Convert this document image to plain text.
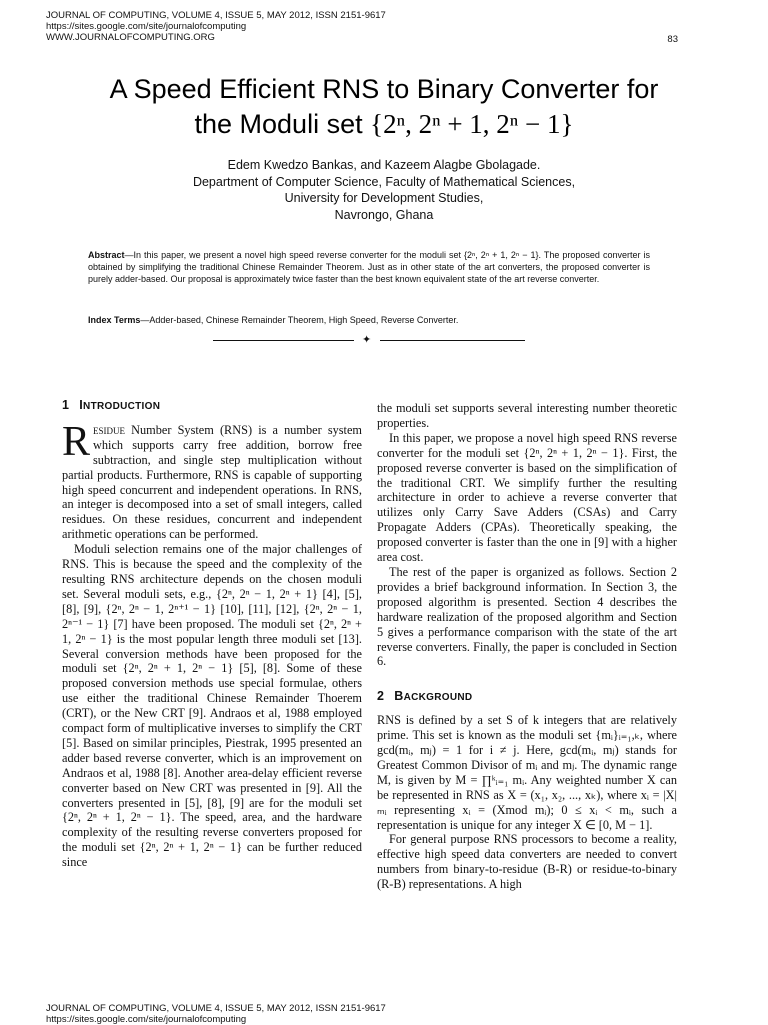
JOURNAL OF COMPUTING, VOLUME 4, ISSUE 5, MAY 2012, ISSN 2151-9617
https://sites.google.com/site/journalofcomputing
WWW.JOURNALOFCOMPUTING.ORG	83
A Speed Efficient RNS to Binary Converter for
the Moduli set {2ⁿ, 2ⁿ + 1, 2ⁿ − 1}
Edem Kwedzo Bankas, and Kazeem Alagbe Gbolagade.
Department of Computer Science, Faculty of Mathematical Sciences,
University for Development Studies,
Navrongo, Ghana
Abstract—In this paper, we present a novel high speed reverse converter for the moduli set {2ⁿ, 2ⁿ + 1, 2ⁿ − 1}. The proposed converter is obtained by simplifying the traditional Chinese Remainder Theorem. Just as in other state of the art converters, the proposed converter is purely adder-based. Our proposal is approximately twice faster than the best known equivalent state of the art reverse converter.
Index Terms—Adder-based, Chinese Remainder Theorem, High Speed, Reverse Converter.
✦

1 INTRODUCTION

Residue Number System (RNS) is a number system which supports carry free addition, borrow free subtraction, and single step multiplication without partial products. Furthermore, RNS is capable of supporting high speed concurrent and independent operations. In RNS, an integer is decomposed into a set of small integers, called residues. On these residues, concurrent and independent arithmetic operations can be performed.

Moduli selection remains one of the major challenges of RNS. This is because the speed and the complexity of the resulting RNS architecture depends on the chosen moduli set. Several moduli sets, e.g., {2ⁿ, 2ⁿ − 1, 2ⁿ + 1} [4], [5], [8], [9], {2ⁿ, 2ⁿ − 1, 2ⁿ⁺¹ − 1} [10], [11], [12], {2ⁿ, 2ⁿ − 1, 2ⁿ⁻¹ − 1} [7] have been proposed. The moduli set {2ⁿ, 2ⁿ + 1, 2ⁿ − 1} is the most popular length three moduli set [13]. Several conversion methods have been proposed for the moduli set {2ⁿ, 2ⁿ + 1, 2ⁿ − 1} [5], [8]. Some of these proposed conversion methods use special formulae, others use either the traditional Chinese Remainder Thoerem (CRT), or the New CRT [9]. Andraos et al, 1988 employed compact form of multiplicative inverses to simplify the CRT [5]. Based on similar principles, Piestrak, 1995 presented an adder based reverse converter, which is an improvement on Andraos et al, 1988 [8]. Another area-delay efficient reverse converter based on New CRT was presented in [9]. All the converters presented in [5], [8], [9] are for the moduli set {2ⁿ, 2ⁿ + 1, 2ⁿ − 1}. The speed, area, and the hardware complexity of the resulting reverse converters proposed for the moduli set {2ⁿ, 2ⁿ + 1, 2ⁿ − 1} can be further reduced since

the moduli set supports several interesting number theoretic properties.

In this paper, we propose a novel high speed RNS reverse converter for the moduli set {2ⁿ, 2ⁿ + 1, 2ⁿ − 1}. First, the proposed reverse converter is based on the simplification of the traditional CRT. We simplify further the resulting architecture in order to achieve a reverse converter that utilizes only Carry Save Adders (CSAs) and Carry Propagate Adders (CPAs). Theoretically speaking, the proposed converter is faster than the one in [9] with a higher area cost.

The rest of the paper is organized as follows. Section 2 provides a brief background information. In Section 3, the proposed algorithm is presented. Section 4 describes the hardware realization of the proposed algorithm and Section 5 gives a performance comparison with the state of the art reverse converters. Finally, the paper is concluded in Section 6.

2 BACKGROUND

RNS is defined by a set S of k integers that are relatively prime. This set is known as the moduli set {mᵢ}ᵢ₌₁,ₖ, where gcd(mᵢ, mⱼ) = 1 for i ≠ j. Here, gcd(mᵢ, mⱼ) stands for Greatest Common Divisor of mᵢ and mⱼ. The dynamic range M, is given by M = ∏ᵏᵢ₌₁ mᵢ. Any weighted number X can be represented in RNS as X = (x₁, x₂, ..., xₖ), where xᵢ = |X|ₘᵢ representing xᵢ = (Xmod mᵢ); 0 ≤ xᵢ < mᵢ, such a representation is unique for any integer X ∈ [0, M − 1].

For general purpose RNS processors to become a reality, effective high speed data converters are needed to convert numbers from binary-to-residue (B-R) or residue-to-binary (R-B) representations. A high

JOURNAL OF COMPUTING, VOLUME 4, ISSUE 5, MAY 2012, ISSN 2151-9617
https://sites.google.com/site/journalofcomputing
